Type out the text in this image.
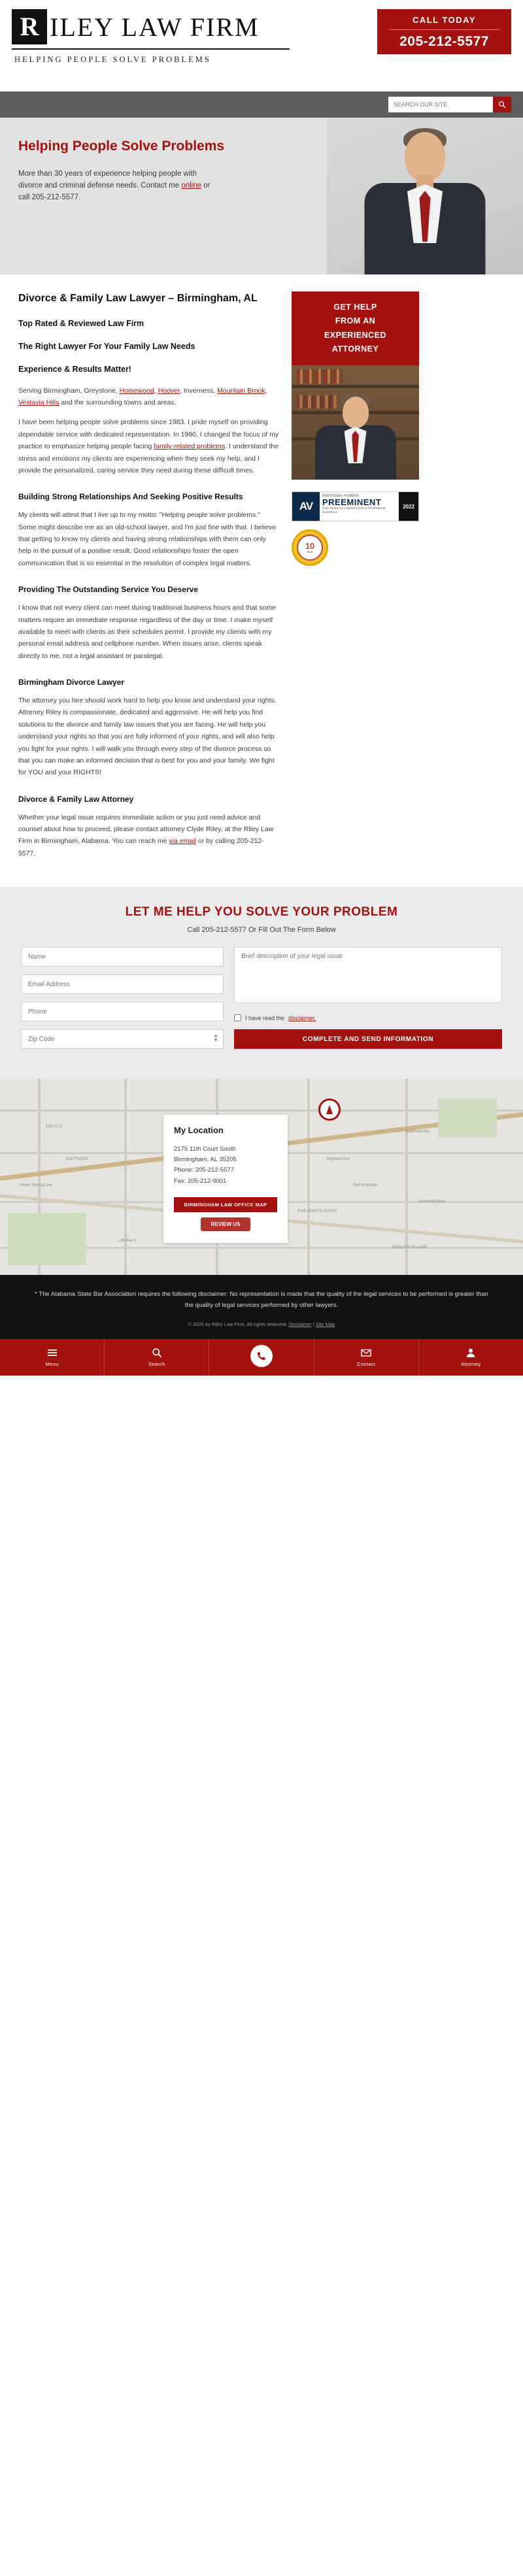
R ILEY LAW FIRM
HELPING PEOPLE SOLVE PROBLEMS
CALL TODAY
205-212-5577
SEARCH OUR SITE
Helping People Solve Problems

More than 30 years of experience helping people with divorce and criminal defense needs. Contact me online or call 205-212-5577.

Divorce & Family Law Lawyer – Birmingham, AL
Top Rated & Reviewed Law Firm
The Right Lawyer For Your Family Law Needs
Experience & Results Matter!

Serving Birmingham, Greystone, Homewood, Hoover, Inverness, Mountain Brook, Vestavia Hills and the surrounding towns and areas.

I have been helping people solve problems since 1983. I pride myself on providing dependable service with dedicated representation. In 1990, I changed the focus of my practice to emphasize helping people facing family-related problems. I understand the stress and emotions my clients are experiencing when they seek my help, and I provide the personalized, caring service they need during these difficult times.

Building Strong Relationships And Seeking Positive Results

My clients will attest that I live up to my motto: "Helping people solve problems." Some might describe me as an old-school lawyer, and I'm just fine with that. I believe that getting to know my clients and having strong relationships with them can only help in the pursuit of a positive result. Good relationships foster the open communication that is so essential in the resolution of complex legal matters.

Providing The Outstanding Service You Deserve

I know that not every client can meet during traditional business hours and that some matters require an immediate response regardless of the day or time. I make myself available to meet with clients as their schedules permit. I provide my clients with my personal email address and cellphone number. When issues arise, clients speak directly to me, not a legal assistant or paralegal.

Birmingham Divorce Lawyer

The attorney you hire should work hard to help you know and understand your rights. Attorney Riley is compassionate, dedicated and aggressive. He will help you find solutions to the divorce and family law issues that you are facing. He will help you understand your rights so that you are fully informed of your rights, and will also help you fight for your rights. I will walk you through every step of the divorce process so that you can make an informed decision that is best for you and your family. We fight for YOU and your RIGHTS!

Divorce & Family Law Attorney

Whether your legal issue requires immediate action or you just need advice and counsel about how to proceed, please contact attorney Clyde Riley, at the Riley Law Firm in Birmingham, Alabama. You can reach me via email or by calling 205-212-5577.

GET HELP
FROM AN
EXPERIENCED
ATTORNEY
AV
Martindale-Hubbell
PREEMINENT
Peer Rated For Highest Level of Professional Excellence
2022
10
Best
LET ME HELP YOU SOLVE YOUR PROBLEM
Call 205-212-5577 Or Fill Out The Form Below
Name Email Address Phone
Zip Code
▲
▼
Brief description of your legal issue
I have read the disclaimer.
COMPLETE AND SEND INFORMATION
11th Ct S
Green Springs Ave
12th Ave S
Highland Ave
Clairmont Ave
University Blvd
SOUTHSIDE
FIVE POINTS SOUTH
ENGLISH VILLAGE
Red Mountain
My Location

2175 11th Court South

Birmingham, AL 35205

Phone: 205-212-5577

Fax: 205-212-9001

BIRMINGHAM LAW OFFICE MAP
REVIEW US
* The Alabama State Bar Association requires the following disclaimer: No representation is made that the quality of the legal services to be performed is greater than the quality of legal services performed by other lawyers.
© 2025 by Riley Law Firm. All rights reserved. Disclaimer | Site Map
Menu	Search	Contact	Attorney
